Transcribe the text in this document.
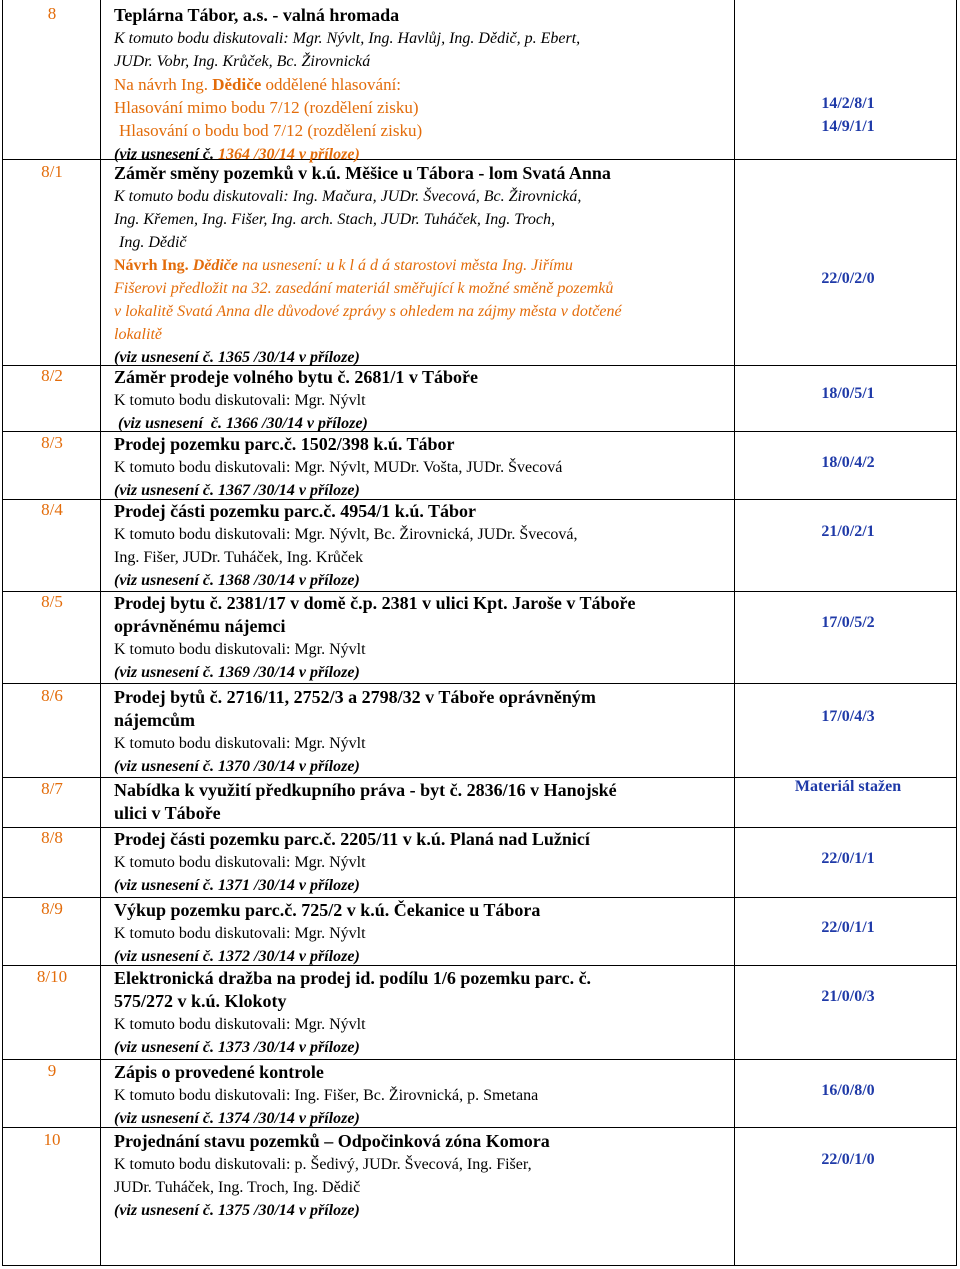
8	Teplárna Tábor, a.s. - valná hromada
K tomuto bodu diskutovali: Mgr. Nývlt, Ing. Havlůj, Ing. Dědič, p. Ebert,
JUDr. Vobr, Ing. Krůček, Bc. Žirovnická
Na návrh Ing. Dědiče oddělené hlasování:
Hlasování mimo bodu 7/12 (rozdělení zisku)
Hlasování o bodu bod 7/12 (rozdělení zisku)
(viz usnesení č. 1364 /30/14 v příloze)
14/2/8/1
14/9/1/1
8/1	Záměr směny pozemků v k.ú. Měšice u Tábora - lom Svatá Anna
K tomuto bodu diskutovali: Ing. Mačura, JUDr. Švecová, Bc. Žirovnická,
Ing. Křemen, Ing. Fišer, Ing. arch. Stach, JUDr. Tuháček, Ing. Troch,
Ing. Dědič
Návrh Ing. Dědiče na usnesení: u k l á d á starostovi města Ing. Jiřímu
Fišerovi předložit na 32. zasedání materiál směřující k možné směně pozemků
v lokalitě Svatá Anna dle důvodové zprávy s ohledem na zájmy města v dotčené
lokalitě
(viz usnesení č. 1365 /30/14 v příloze)
22/0/2/0
8/2	Záměr prodeje volného bytu č. 2681/1 v Táboře
K tomuto bodu diskutovali: Mgr. Nývlt
(viz usnesení  č. 1366 /30/14 v příloze)
18/0/5/1
8/3	Prodej pozemku parc.č. 1502/398 k.ú. Tábor
K tomuto bodu diskutovali: Mgr. Nývlt, MUDr. Vošta, JUDr. Švecová
(viz usnesení č. 1367 /30/14 v příloze)
18/0/4/2
8/4	Prodej části pozemku parc.č. 4954/1 k.ú. Tábor
K tomuto bodu diskutovali: Mgr. Nývlt, Bc. Žirovnická, JUDr. Švecová,
Ing. Fišer, JUDr. Tuháček, Ing. Krůček
(viz usnesení č. 1368 /30/14 v příloze)
21/0/2/1
8/5	Prodej bytu č. 2381/17 v domě č.p. 2381 v ulici Kpt. Jaroše v Táboře
oprávněnému nájemci
K tomuto bodu diskutovali: Mgr. Nývlt
(viz usnesení č. 1369 /30/14 v příloze)
17/0/5/2
8/6	Prodej bytů č. 2716/11, 2752/3 a 2798/32 v Táboře oprávněným
nájemcům
K tomuto bodu diskutovali: Mgr. Nývlt
(viz usnesení č. 1370 /30/14 v příloze)
17/0/4/3
8/7	Nabídka k využití předkupního práva - byt č. 2836/16 v Hanojské
ulici v Táboře
Materiál stažen
8/8	Prodej části pozemku parc.č. 2205/11 v k.ú. Planá nad Lužnicí
K tomuto bodu diskutovali: Mgr. Nývlt
(viz usnesení č. 1371 /30/14 v příloze)
22/0/1/1
8/9	Výkup pozemku parc.č. 725/2 v k.ú. Čekanice u Tábora
K tomuto bodu diskutovali: Mgr. Nývlt
(viz usnesení č. 1372 /30/14 v příloze)
22/0/1/1
8/10	Elektronická dražba na prodej id. podílu 1/6 pozemku parc. č.
575/272 v k.ú. Klokoty
K tomuto bodu diskutovali: Mgr. Nývlt
(viz usnesení č. 1373 /30/14 v příloze)
21/0/0/3
9	Zápis o provedené kontrole
K tomuto bodu diskutovali: Ing. Fišer, Bc. Žirovnická, p. Smetana
(viz usnesení č. 1374 /30/14 v příloze)
16/0/8/0
10	Projednání stavu pozemků – Odpočinková zóna Komora
K tomuto bodu diskutovali: p. Šedivý, JUDr. Švecová, Ing. Fišer,
JUDr. Tuháček, Ing. Troch, Ing. Dědič
(viz usnesení č. 1375 /30/14 v příloze)
22/0/1/0
